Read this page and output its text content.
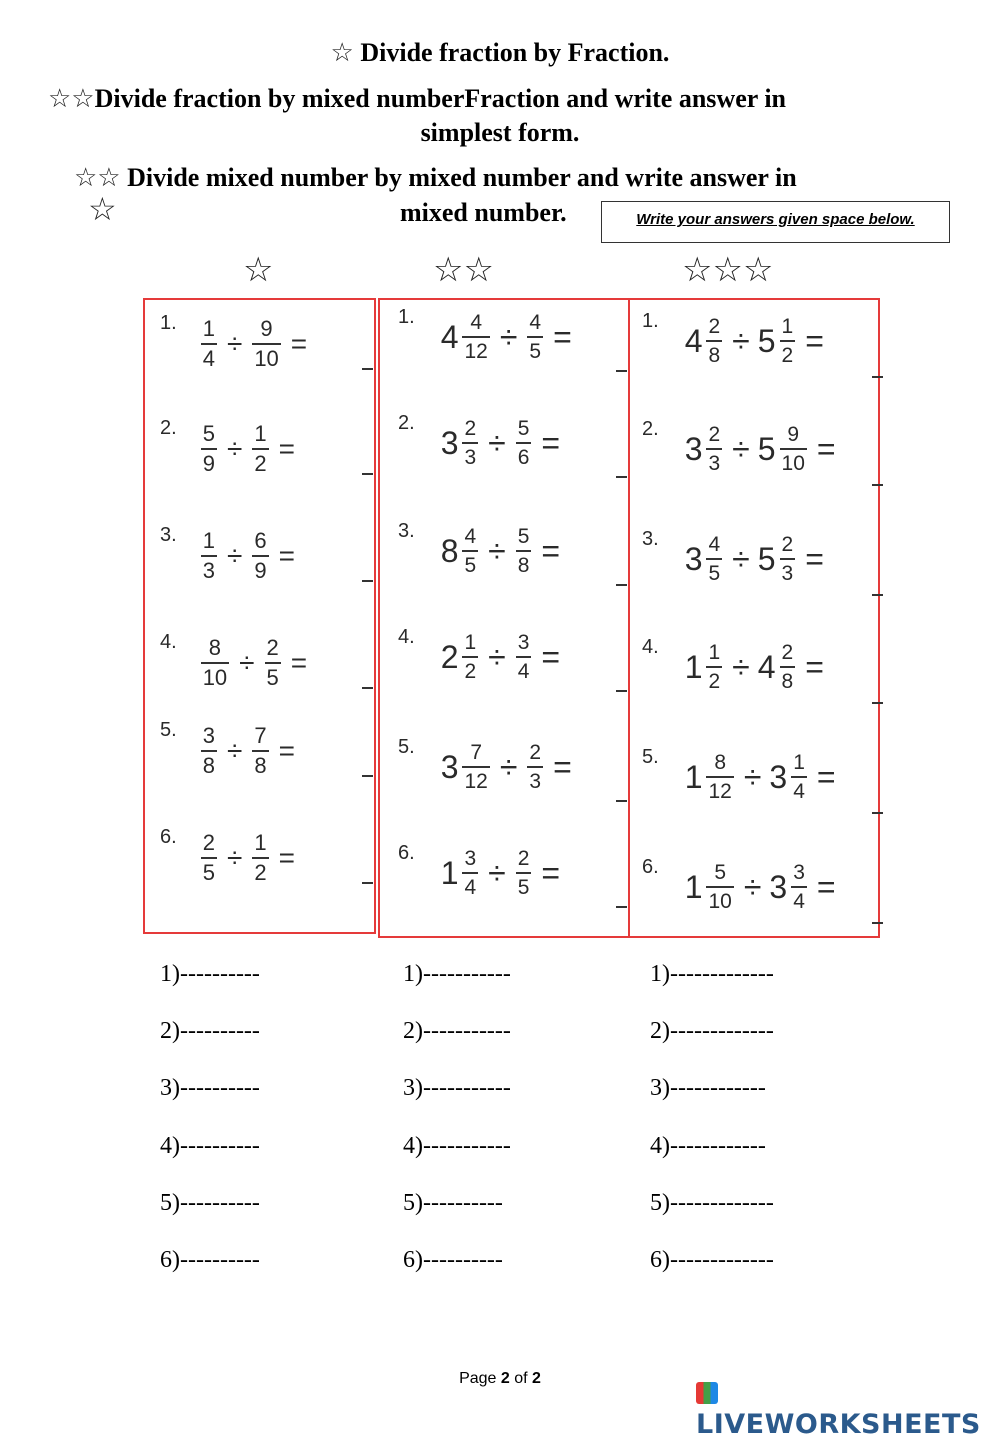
☆ Divide fraction by Fraction.
☆☆Divide fraction by mixed numberFraction and write answer in
simplest form.
☆☆ Divide mixed number by mixed number and write answer in
☆	mixed number.	Write your answers given space below.
☆	☆☆	☆☆☆
1. $\frac{1}{4} \div \frac{9}{10}$ =
2. $\frac{5}{9} \div \frac{1}{2}$ =
3. $\frac{1}{3} \div \frac{6}{9}$ =
4. $\frac{8}{10} \div \frac{2}{5}$ =
5. $\frac{3}{8} \div \frac{7}{8}$ =
6. $\frac{2}{5} \div \frac{1}{2}$ =
1.
$4 \frac{4}{12} \div \frac{4}{5}$ =
2.
$3 \frac{2}{3} \div \frac{5}{6}$ =
3.
$8 \frac{4}{5} \div \frac{5}{8}$ =
4.
$2 \frac{1}{2} \div \frac{3}{4}$ =
5.
$3 \frac{7}{12} \div \frac{2}{3}$ =
6.
$1 \frac{3}{4} \div \frac{2}{5}$ =
1.
$4 \frac{2}{8} \div 5 \frac{1}{2}$ =
2.
$3 \frac{2}{3} \div 5 \frac{9}{10}$ =
3.
$3 \frac{4}{5} \div 5 \frac{2}{3}$ =
4.
$1 \frac{1}{2} \div 4 \frac{2}{8}$ =
5.
$1 \frac{8}{12} \div 3 \frac{1}{4}$ =
6.
$1 \frac{5}{10} \div 3 \frac{3}{4}$ =
1)----------
2)----------
3)----------
4)----------
5)----------
6)----------
1)-----------
2)-----------
3)-----------
4)-----------
5)----------
6)----------
1)-------------
2)-------------
3)------------
4)------------
5)-------------
6)-------------
Page 2 of 2
LIVEWORKSHEETS
